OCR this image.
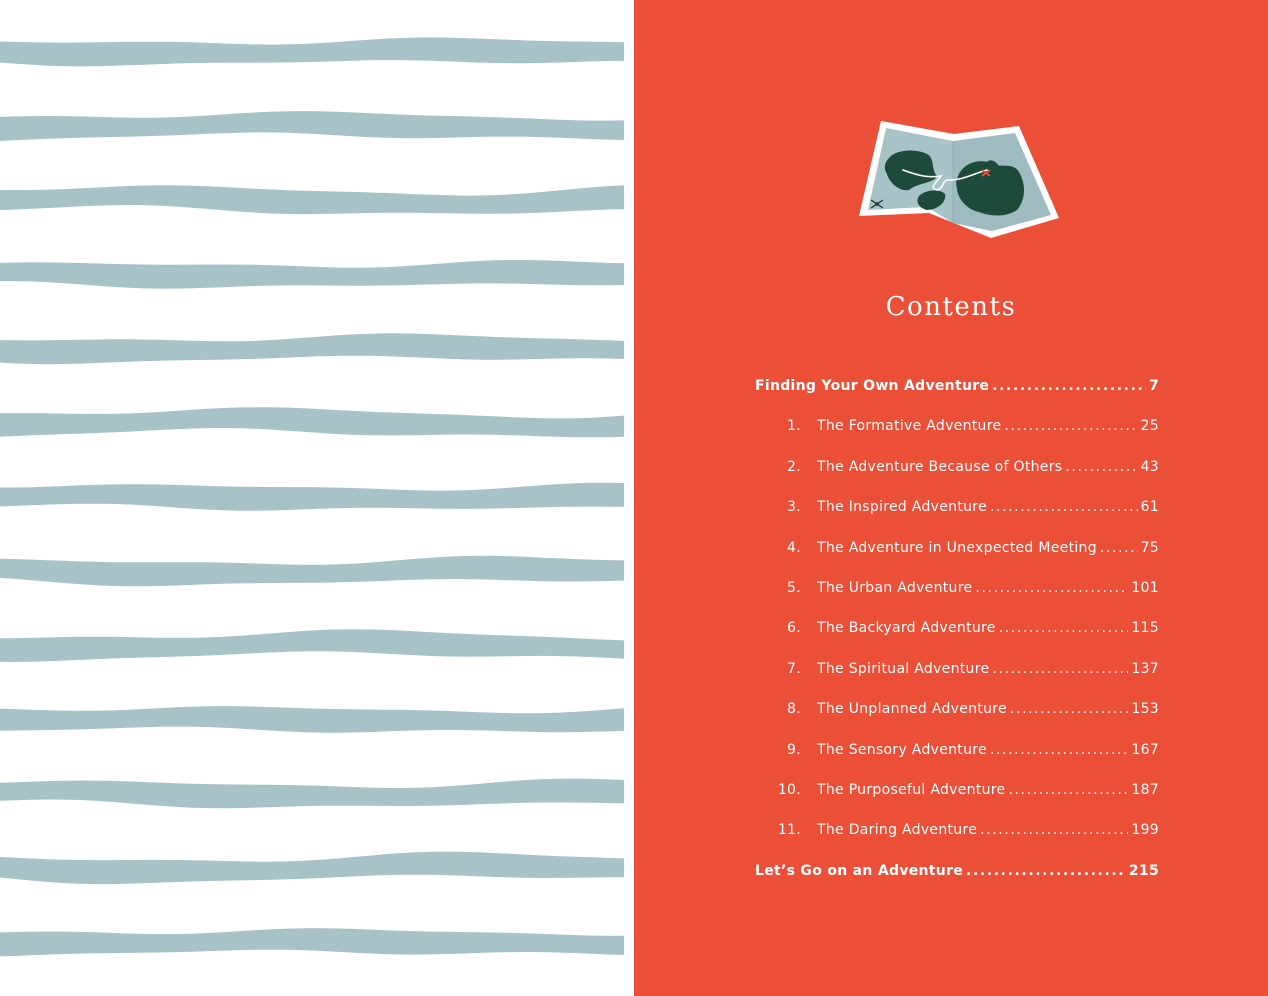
Contents
Finding Your Own Adventure .....	7
1. The Formative Adventure .....	25
2. The Adventure Because of Others .....	43
3. The Inspired Adventure .....	61
4. The Adventure in Unexpected Meeting .....	75
5. The Urban Adventure .....	101
6. The Backyard Adventure .....	115
7. The Spiritual Adventure .....	137
8. The Unplanned Adventure .....	153
9. The Sensory Adventure .....	167
10. The Purposeful Adventure .....	187
11. The Daring Adventure .....	199
Let’s Go on an Adventure .....	215
